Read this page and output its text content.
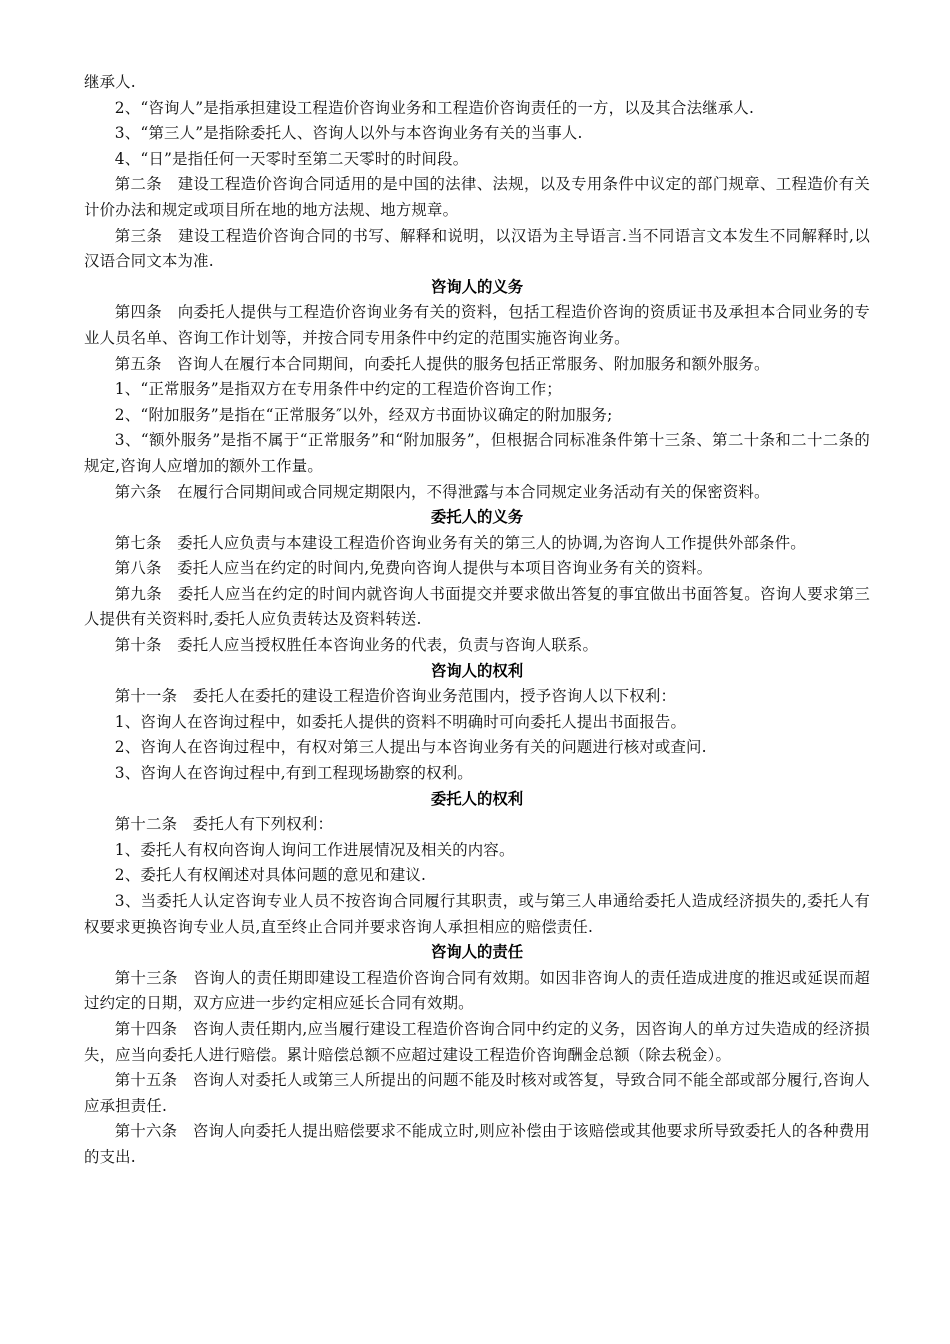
继承人.

2、“咨询人”是指承担建设工程造价咨询业务和工程造价咨询责任的一方，以及其合法继承人.

3、“第三人”是指除委托人、咨询人以外与本咨询业务有关的当事人.

4、“日”是指任何一天零时至第二天零时的时间段。

第二条　建设工程造价咨询合同适用的是中国的法律、法规，以及专用条件中议定的部门规章、工程造价有关计价办法和规定或项目所在地的地方法规、地方规章。

第三条　建设工程造价咨询合同的书写、解释和说明，以汉语为主导语言.当不同语言文本发生不同解释时,以汉语合同文本为准.

咨询人的义务

第四条　向委托人提供与工程造价咨询业务有关的资料，包括工程造价咨询的资质证书及承担本合同业务的专业人员名单、咨询工作计划等，并按合同专用条件中约定的范围实施咨询业务。

第五条　咨询人在履行本合同期间，向委托人提供的服务包括正常服务、附加服务和额外服务。

1、“正常服务”是指双方在专用条件中约定的工程造价咨询工作；

2、“附加服务”是指在“正常服务″以外，经双方书面协议确定的附加服务;

3、“额外服务”是指不属于“正常服务”和“附加服务”，但根据合同标准条件第十三条、第二十条和二十二条的规定,咨询人应增加的额外工作量。

第六条　在履行合同期间或合同规定期限内，不得泄露与本合同规定业务活动有关的保密资料。

委托人的义务

第七条　委托人应负责与本建设工程造价咨询业务有关的第三人的协调,为咨询人工作提供外部条件。

第八条　委托人应当在约定的时间内,免费向咨询人提供与本项目咨询业务有关的资料。

第九条　委托人应当在约定的时间内就咨询人书面提交并要求做出答复的事宜做出书面答复。咨询人要求第三人提供有关资料时,委托人应负责转达及资料转送.

第十条　委托人应当授权胜任本咨询业务的代表，负责与咨询人联系。

咨询人的权利

第十一条　委托人在委托的建设工程造价咨询业务范围内，授予咨询人以下权利：

1、咨询人在咨询过程中，如委托人提供的资料不明确时可向委托人提出书面报告。

2、咨询人在咨询过程中，有权对第三人提出与本咨询业务有关的问题进行核对或查问.

3、咨询人在咨询过程中,有到工程现场勘察的权利。

委托人的权利

第十二条　委托人有下列权利：

1、委托人有权向咨询人询问工作进展情况及相关的内容。

2、委托人有权阐述对具体问题的意见和建议.

3、当委托人认定咨询专业人员不按咨询合同履行其职责，或与第三人串通给委托人造成经济损失的,委托人有权要求更换咨询专业人员,直至终止合同并要求咨询人承担相应的赔偿责任.

咨询人的责任

第十三条　咨询人的责任期即建设工程造价咨询合同有效期。如因非咨询人的责任造成进度的推迟或延误而超过约定的日期，双方应进一步约定相应延长合同有效期。

第十四条　咨询人责任期内,应当履行建设工程造价咨询合同中约定的义务，因咨询人的单方过失造成的经济损失，应当向委托人进行赔偿。累计赔偿总额不应超过建设工程造价咨询酬金总额（除去税金）。

第十五条　咨询人对委托人或第三人所提出的问题不能及时核对或答复，导致合同不能全部或部分履行,咨询人应承担责任.

第十六条　咨询人向委托人提出赔偿要求不能成立时,则应补偿由于该赔偿或其他要求所导致委托人的各种费用的支出.
